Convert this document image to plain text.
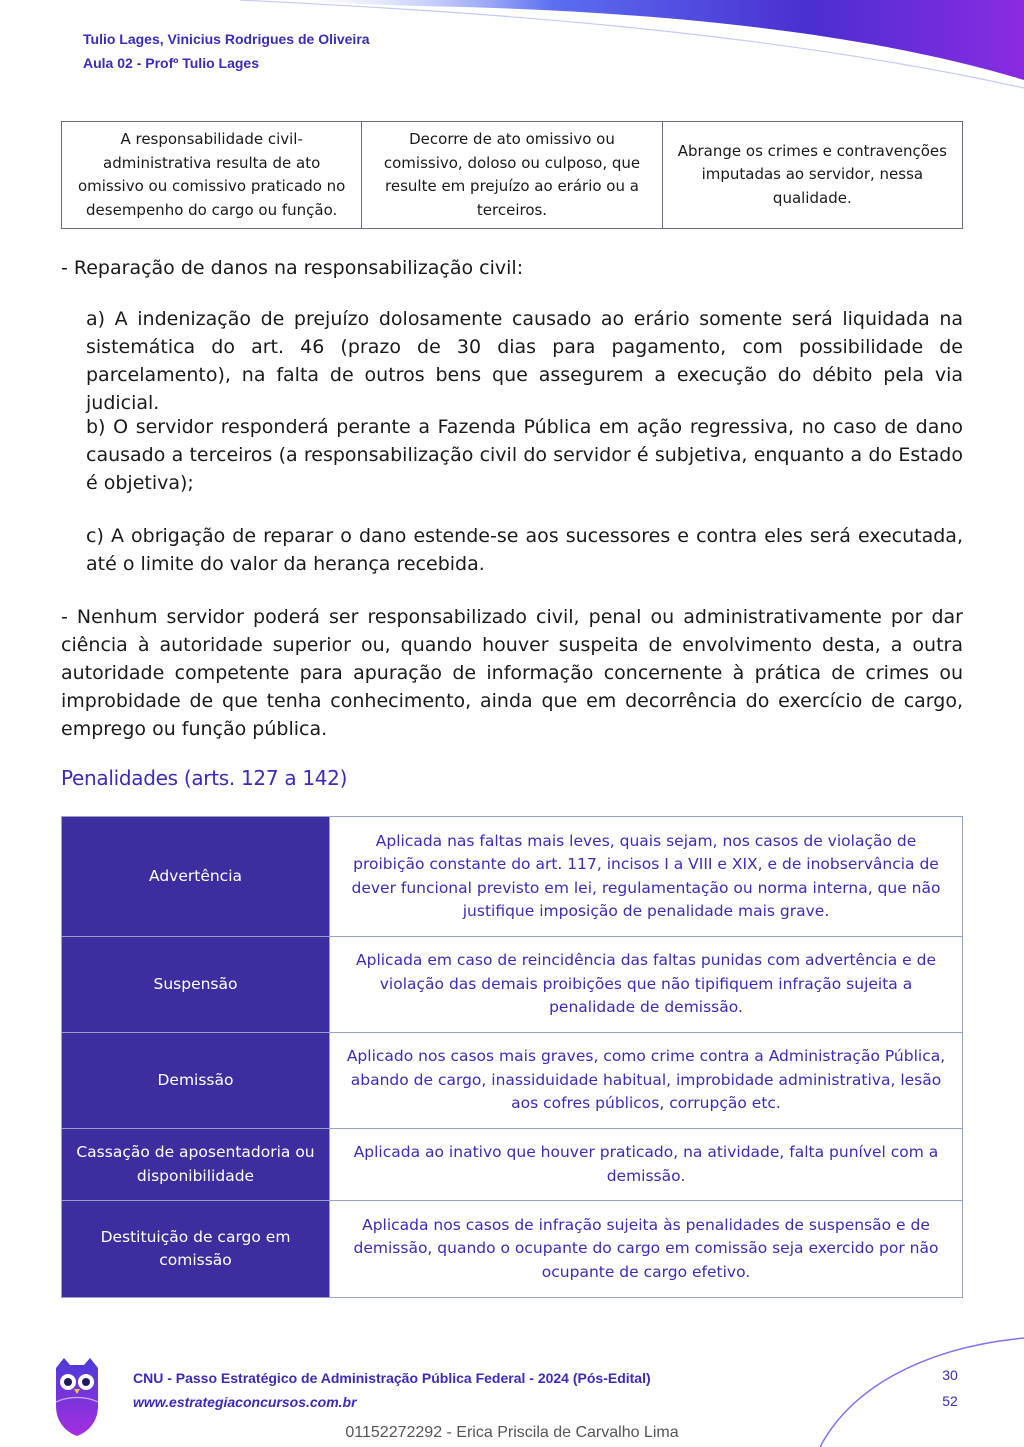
Tulio Lages, Vinicius Rodrigues de Oliveira
Aula 02 - Profº Tulio Lages
A responsabilidade civil-administrativa resulta de ato omissivo ou comissivo praticado no desempenho do cargo ou função.	Decorre de ato omissivo ou comissivo, doloso ou culposo, que resulte em prejuízo ao erário ou a terceiros.	Abrange os crimes e contravenções imputadas ao servidor, nessa qualidade.

- Reparação de danos na responsabilização civil:

a) A indenização de prejuízo dolosamente causado ao erário somente será liquidada na sistemática do art. 46 (prazo de 30 dias para pagamento, com possibilidade de parcelamento), na falta de outros bens que assegurem a execução do débito pela via judicial.

b) O servidor responderá perante a Fazenda Pública em ação regressiva, no caso de dano causado a terceiros (a responsabilização civil do servidor é subjetiva, enquanto a do Estado é objetiva);

c) A obrigação de reparar o dano estende-se aos sucessores e contra eles será executada, até o limite do valor da herança recebida.

- Nenhum servidor poderá ser responsabilizado civil, penal ou administrativamente por dar ciência à autoridade superior ou, quando houver suspeita de envolvimento desta, a outra autoridade competente para apuração de informação concernente à prática de crimes ou improbidade de que tenha conhecimento, ainda que em decorrência do exercício de cargo, emprego ou função pública.

Penalidades (arts. 127 a 142)
Advertência	Aplicada nas faltas mais leves, quais sejam, nos casos de violação de proibição constante do art. 117, incisos I a VIII e XIX, e de inobservância de dever funcional previsto em lei, regulamentação ou norma interna, que não justifique imposição de penalidade mais grave.
Suspensão	Aplicada em caso de reincidência das faltas punidas com advertência e de violação das demais proibições que não tipifiquem infração sujeita a penalidade de demissão.
Demissão	Aplicado nos casos mais graves, como crime contra a Administração Pública, abando de cargo, inassiduidade habitual, improbidade administrativa, lesão aos cofres públicos, corrupção etc.
Cassação de aposentadoria ou disponibilidade	Aplicada ao inativo que houver praticado, na atividade, falta punível com a demissão.
Destituição de cargo em comissão	Aplicada nos casos de infração sujeita às penalidades de suspensão e de demissão, quando o ocupante do cargo em comissão seja exercido por não ocupante de cargo efetivo.
CNU - Passo Estratégico de Administração Pública Federal - 2024 (Pós-Edital)
www.estrategiaconcursos.com.br
30
52
01152272292 - Erica Priscila de Carvalho Lima
